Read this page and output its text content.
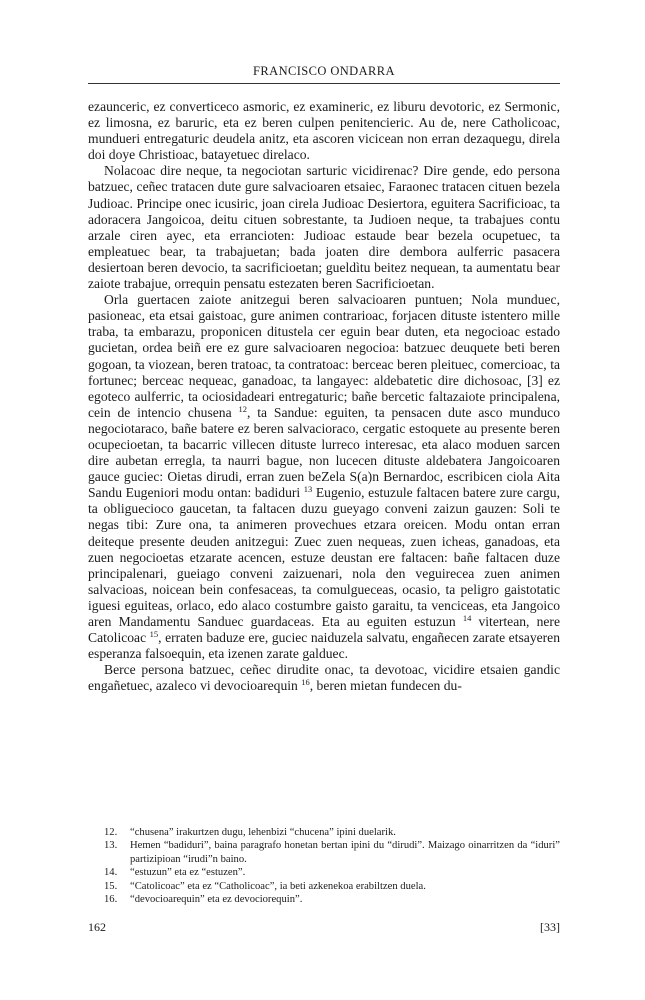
FRANCISCO ONDARRA

ezaunceric, ez converticeco asmoric, ez examineric, ez liburu devotoric, ez Sermonic, ez limosna, ez baruric, eta ez beren culpen penitencieric. Au de, nere Catholicoac, mundueri entregaturic deudela anitz, eta ascoren vicicean non erran dezaquegu, direla doi doye Christioac, batayetuec direlaco.

Nolacoac dire neque, ta negociotan sarturic vicidirenac? Dire gende, edo persona batzuec, ceñec tratacen dute gure salvacioaren etsaiec, Faraonec tratacen cituen bezela Judioac. Principe onec icusiric, joan cirela Judioac Desiertora, eguitera Sacrificioac, ta adoracera Jangoicoa, deitu cituen sobrestante, ta Judioen neque, ta trabajues contu arzale ciren ayec, eta errancioten: Judioac estaude bear bezela ocupetuec, ta empleatuec bear, ta trabajuetan; bada joaten dire dembora aulferric pasacera desiertoan beren devocio, ta sacrificioetan; gueldìtu beitez nequean, ta aumentatu bear zaiote trabajue, orrequin pensatu estezaten beren Sacrificioetan.

Orla guertacen zaiote anitzegui beren salvacioaren puntuen; Nola munduec, pasioneac, eta etsai gaistoac, gure animen contrarioac, forjacen dituste istentero mille traba, ta embarazu, proponicen ditustela cer eguin bear duten, eta negocioac estado gucietan, ordea beiñ ere ez gure salvacioaren negocioa: batzuec deuquete beti beren gogoan, ta viozean, beren tratoac, ta contratoac: berceac beren pleituec, comercioac, ta fortunec; berceac nequeac, ganadoac, ta langayec: aldebatetic dire dichosoac, [3] ez egoteco aulferric, ta ociosidadeari entregaturic; bañe bercetic faltazaiote principalena, cein de intencio chusena $^{12}$, ta Sandue: eguiten, ta pensacen dute asco munduco negociotaraco, bañe batere ez beren salvacioraco, cergatic estoquete au presente beren ocupecioetan, ta bacarric villecen dituste lurreco interesac, eta alaco moduen sarcen dire aubetan erregla, ta naurri bague, non lucecen dituste aldebatera Jangoicoaren gauce guciec: Oietas dirudi, erran zuen beZela S(a)n Bernardoc, escribicen ciola Aita Sandu Eugeniori modu ontan: badiduri $^{13}$ Eugenio, estuzule faltacen batere zure cargu, ta obliguecioco gaucetan, ta faltacen duzu gueyago conveni zaizun gauzen: Soli te negas tibi: Zure ona, ta animeren provechues etzara oreicen. Modu ontan erran deiteque presente deuden anitzegui: Zuec zuen nequeas, zuen icheas, ganadoas, eta zuen negocioetas etzarate acencen, estuze deustan ere faltacen: bañe faltacen duze principalenari, gueiago conveni zaizuenari, nola den veguirecea zuen animen salvacioas, noicean bein confesaceas, ta comulgueceas, ocasio, ta peligro gaistotatic iguesi eguiteas, orlaco, edo alaco costumbre gaisto garaitu, ta venciceas, eta Jangoico aren Mandamentu Sanduec guardaceas. Eta au eguiten estuzun $^{14}$ vitertean, nere Catolicoac $^{15}$, erraten baduze ere, guciec naiduzela salvatu, engañecen zarate etsayeren esperanza falsoequin, eta izenen zarate galduec.

Berce persona batzuec, ceñec dirudite onac, ta devotoac, vicidire etsaien gandic engañetuec, azaleco vi devocioarequin $^{16}$, beren mietan fundecen du-

12. “chusena” irakurtzen dugu, lehenbizi “chucena” ipini duelarik.
13. Hemen “badiduri”, baina paragrafo honetan bertan ipini du “dirudi”. Maizago oinarritzen da “iduri” partizipioan “irudi”n baino.
14. “estuzun” eta ez “estuzen”.
15. “Catolicoac” eta ez “Catholicoac”, ia beti azkenekoa erabiltzen duela.
16. “devocioarequin” eta ez devociorequin”.
162	[33]
